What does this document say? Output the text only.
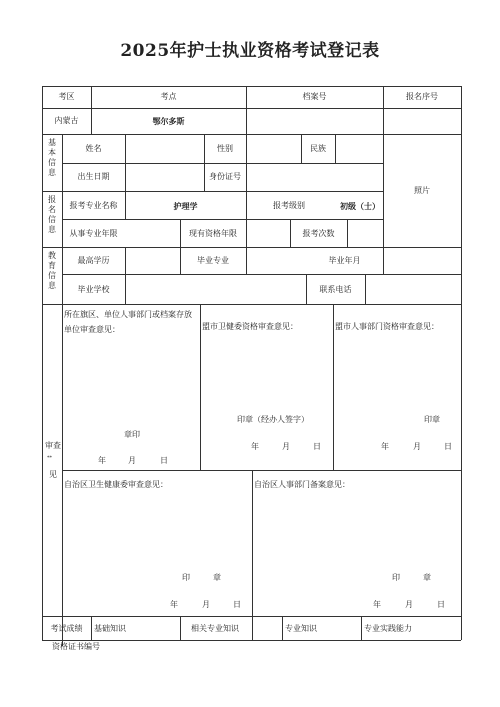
2025年护士执业资格考试登记表
考区	考点	档案号	报名序号
内蒙古	鄂尔多斯
基本信息
姓名	性别	民族
出生日期	身份证号
照片
报名信息
报考专业名称	护理学	报考级别	初级（士）
从事专业年限	现有资格年限	报考次数
教育信息
最高学历	毕业专业	毕业年月
毕业学校	联系电话
审查
**
见
所在旗区、单位人事部门或档案存放
单位审查意见：
章印
年	月	日
盟市卫健委资格审查意见：
印章（经办人签字）
年	月	日
盟市人事部门资格审查意见：
印章
年	月	日
自治区卫生健康委审查意见：
印	章
年	月	日
自治区人事部门备案意见：
印	章
年	月	日
考试成绩	基础知识	相关专业知识	专业知识	专业实践能力
资格证书编号
